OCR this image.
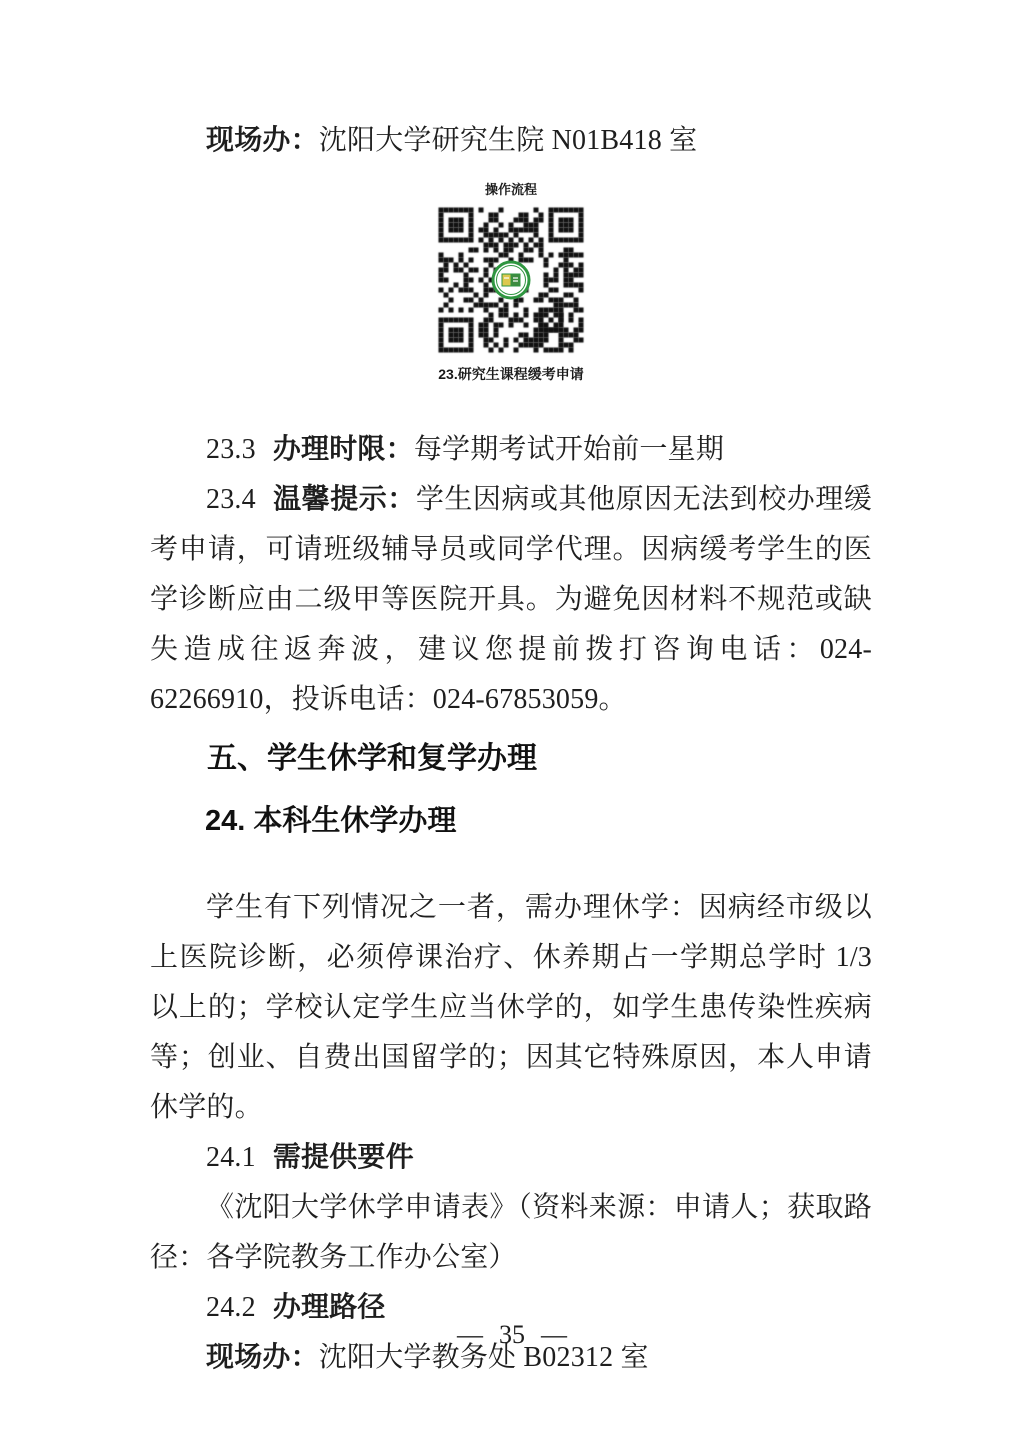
现场办：沈阳大学研究生院 N01B418 室

操作流程
23.研究生课程缓考申请

23.3 办理时限：每学期考试开始前一星期

23.4 温馨提示：学生因病或其他原因无法到校办理缓考申请，可请班级辅导员或同学代理。因病缓考学生的医学诊断应由二级甲等医院开具。为避免因材料不规范或缺失造成往返奔波，建议您提前拨打咨询电话：024-62266910，投诉电话：024-67853059。

五、学生休学和复学办理
24. 本科生休学办理

学生有下列情况之一者，需办理休学：因病经市级以上医院诊断，必须停课治疗、休养期占一学期总学时 1/3 以上的；学校认定学生应当休学的，如学生患传染性疾病等；创业、自费出国留学的；因其它特殊原因，本人申请休学的。

24.1 需提供要件

《沈阳大学休学申请表》（资料来源：申请人；获取路径：各学院教务工作办公室）

24.2 办理路径

现场办：沈阳大学教务处 B02312 室

— 35 —
